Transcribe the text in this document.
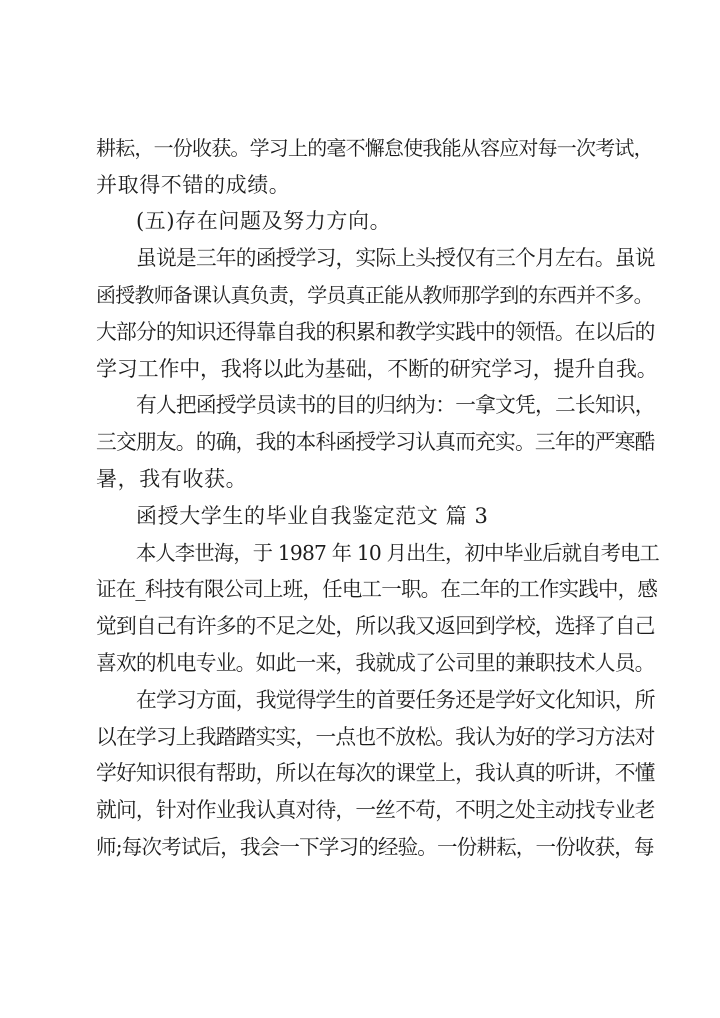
耕耘，一份收获。学习上的毫不懈怠使我能从容应对每一次考试，
并取得不错的成绩。
(五)存在问题及努力方向。
虽说是三年的函授学习，实际上头授仅有三个月左右。虽说
函授教师备课认真负责，学员真正能从教师那学到的东西并不多。
大部分的知识还得靠自我的积累和教学实践中的领悟。在以后的
学习工作中，我将以此为基础，不断的研究学习，提升自我。
有人把函授学员读书的目的归纳为：一拿文凭，二长知识，
三交朋友。的确，我的本科函授学习认真而充实。三年的严寒酷
暑，我有收获。
函授大学生的毕业自我鉴定范文 篇 3
本人李世海，于 1987 年 10 月出生，初中毕业后就自考电工
证在_科技有限公司上班，任电工一职。在二年的工作实践中，感
觉到自己有许多的不足之处，所以我又返回到学校，选择了自己
喜欢的机电专业。如此一来，我就成了公司里的兼职技术人员。
在学习方面，我觉得学生的首要任务还是学好文化知识，所
以在学习上我踏踏实实，一点也不放松。我认为好的学习方法对
学好知识很有帮助，所以在每次的课堂上，我认真的听讲，不懂
就问，针对作业我认真对待，一丝不苟，不明之处主动找专业老
师;每次考试后，我会一下学习的经验。一份耕耘，一份收获，每
